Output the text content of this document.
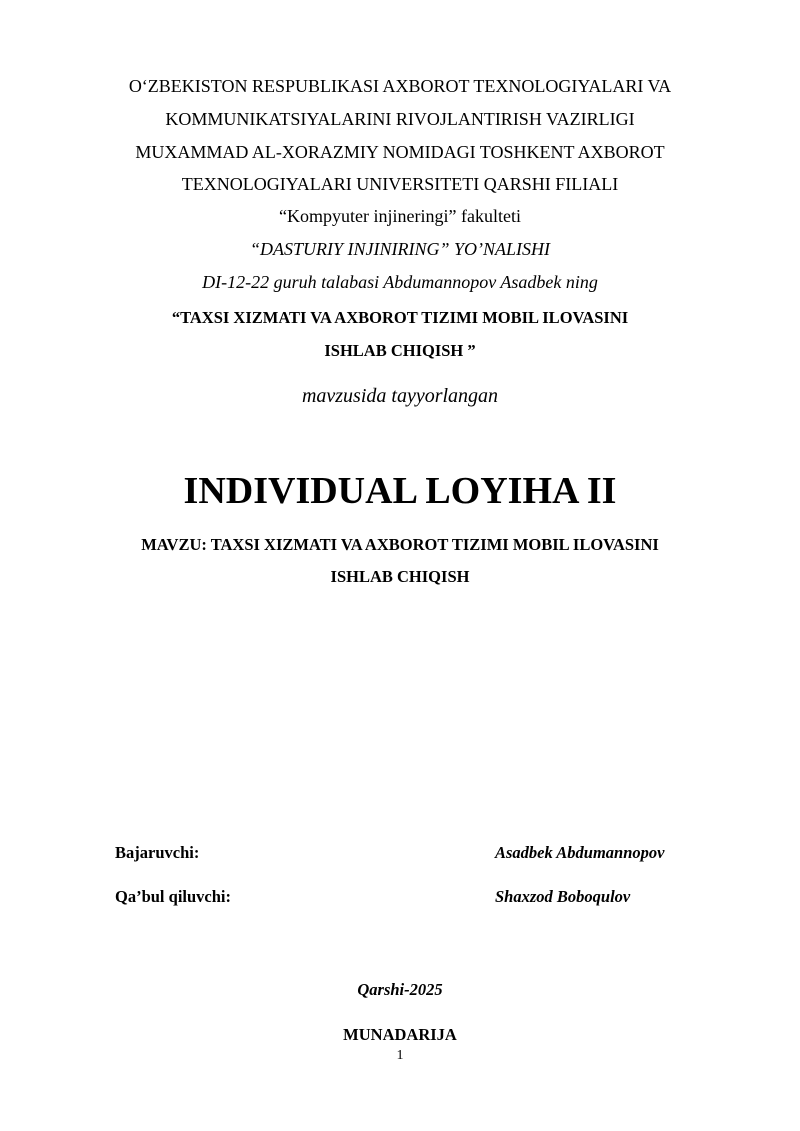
O‘ZBEKISTON RESPUBLIKASI AXBOROT TEXNOLOGIYALARI VA
KOMMUNIKATSIYALARINI RIVOJLANTIRISH VAZIRLIGI
MUXAMMAD AL-XORAZMIY NOMIDAGI TOSHKENT AXBOROT
TEXNOLOGIYALARI UNIVERSITETI QARSHI FILIALI
“Kompyuter injineringi” fakulteti
“DASTURIY INJINIRING” YO’NALISHI
DI-12-22 guruh talabasi Abdumannopov Asadbek ning
“TAXSI XIZMATI VA AXBOROT TIZIMI MOBIL ILOVASINI
ISHLAB CHIQISH ”
mavzusida tayyorlangan
INDIVIDUAL LOYIHA II
MAVZU: TAXSI XIZMATI VA AXBOROT TIZIMI MOBIL ILOVASINI
ISHLAB CHIQISH
Bajaruvchi:	Asadbek Abdumannopov
Qa’bul qiluvchi:	Shaxzod Boboqulov
Qarshi-2025
MUNADARIJA
1
